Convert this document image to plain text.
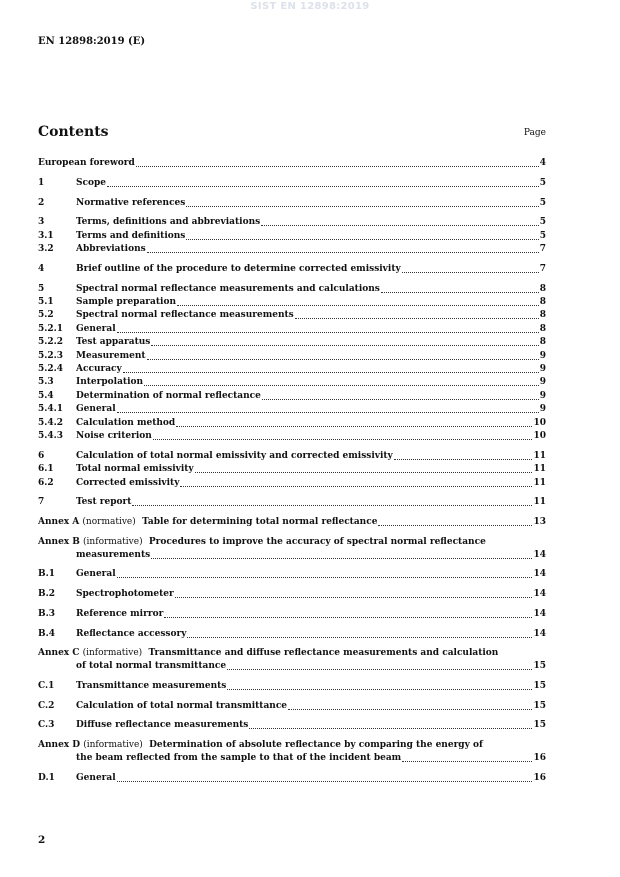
SIST EN 12898:2019
EN 12898:2019 (E)
Contents	Page
European foreword	4
1	Scope	5
2	Normative references	5
3	Terms, definitions and abbreviations	5
3.1 Terms and definitions	5
3.2 Abbreviations	7
4	Brief outline of the procedure to determine corrected emissivity	7
5	Spectral normal reflectance measurements and calculations	8
5.1 Sample preparation	8
5.2 Spectral normal reflectance measurements	8
5.2.1 General	8
5.2.2 Test apparatus	8
5.2.3 Measurement	9
5.2.4 Accuracy	9
5.3 Interpolation	9
5.4 Determination of normal reflectance	9
5.4.1 General	9
5.4.2 Calculation method	10
5.4.3 Noise criterion	10
6	Calculation of total normal emissivity and corrected emissivity	11
6.1 Total normal emissivity	11
6.2 Corrected emissivity	11
7	Test report	11
Annex A (normative) Table for determining total normal reflectance	13
Annex B (informative) Procedures to improve the accuracy of spectral normal reflectance
measurements	14
B.1 General	14
B.2 Spectrophotometer	14
B.3 Reference mirror	14
B.4 Reflectance accessory	14
Annex C (informative) Transmittance and diffuse reflectance measurements and calculation
of total normal transmittance	15
C.1 Transmittance measurements	15
C.2 Calculation of total normal transmittance	15
C.3 Diffuse reflectance measurements	15
Annex D (informative) Determination of absolute reflectance by comparing the energy of
the beam reflected from the sample to that of the incident beam	16
D.1 General	16
2
